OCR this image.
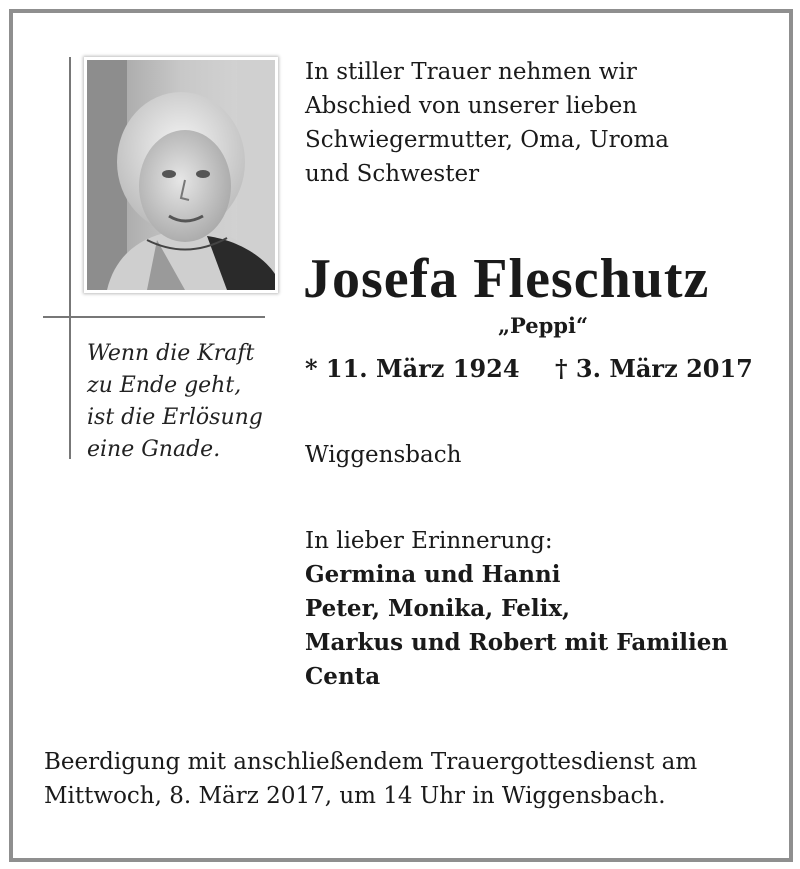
Wenn die Kraft
zu Ende geht,
ist die Erlösung
eine Gnade.
In stiller Trauer nehmen wir
Abschied von unserer lieben
Schwiegermutter, Oma, Uroma
und Schwester
Josefa Fleschutz
„Peppi“
* 11. März 1924 † 3. März 2017
Wiggensbach
In lieber Erinnerung:
Germina und Hanni
Peter, Monika, Felix,
Markus und Robert mit Familien
Centa
Beerdigung mit anschließendem Trauergottesdienst am
Mittwoch, 8. März 2017, um 14 Uhr in Wiggensbach.
